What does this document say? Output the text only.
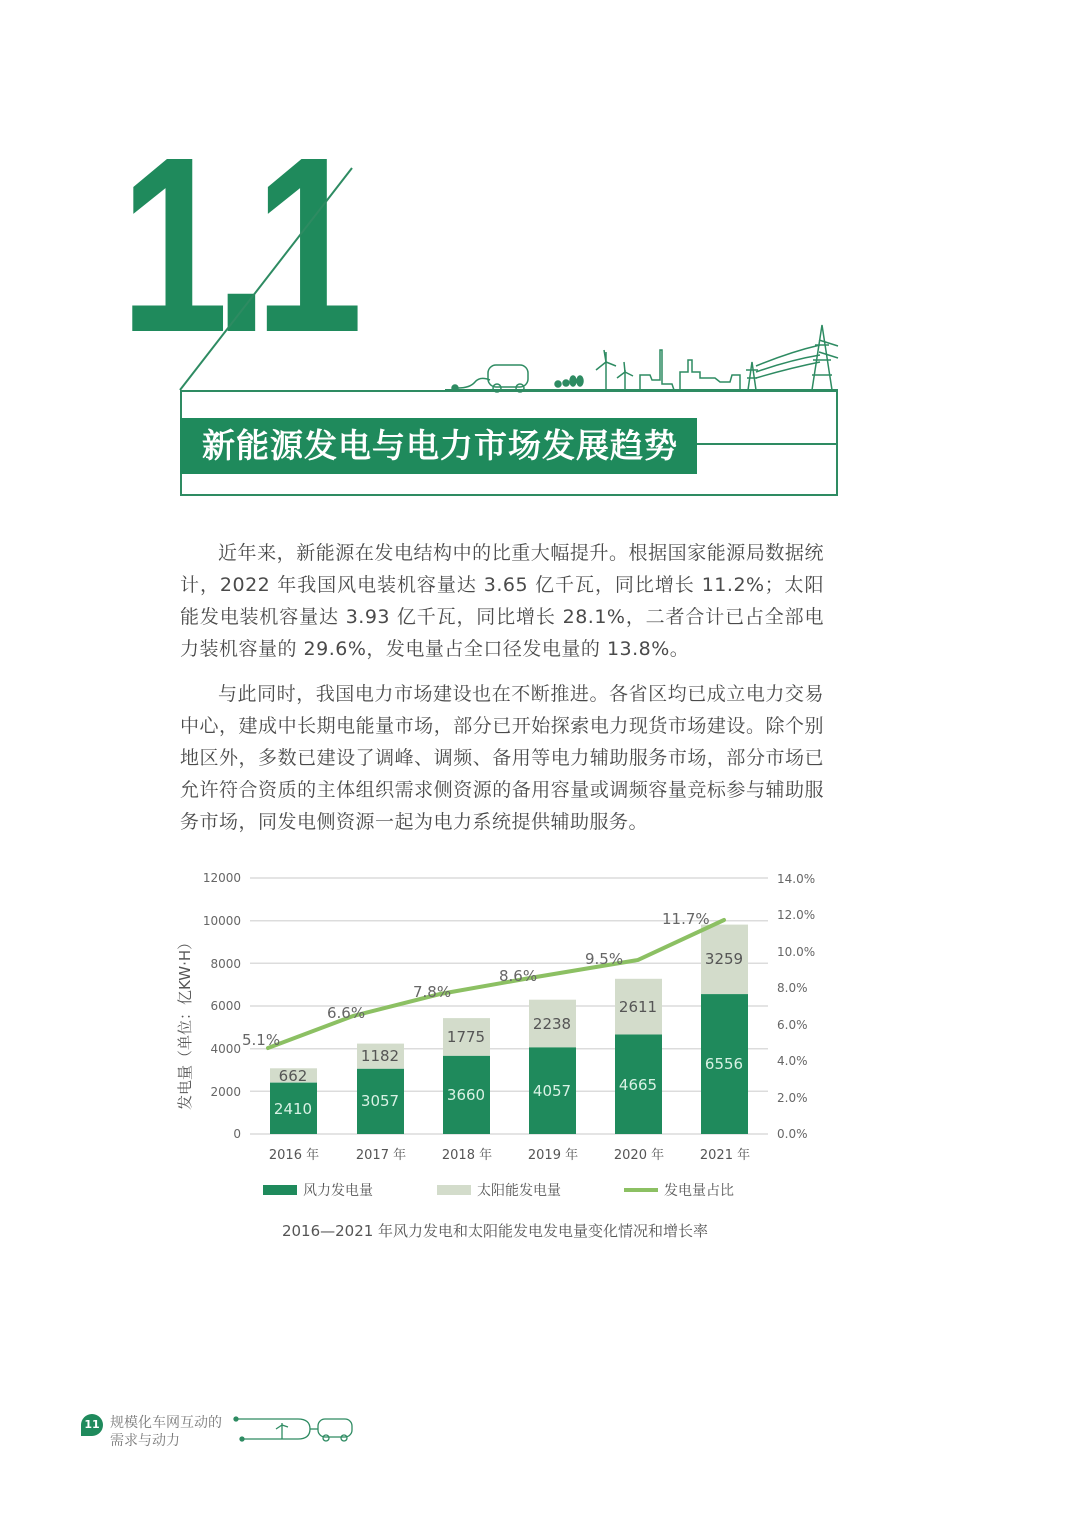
1.1
新能源发电与电力市场发展趋势
近年来，新能源在发电结构中的比重大幅提升。根据国家能源局数据统计，2022 年我国风电装机容量达 3.65 亿千瓦，同比增长 11.2%；太阳能发电装机容量达 3.93 亿千瓦，同比增长 28.1%，二者合计已占全部电力装机容量的 29.6%，发电量占全口径发电量的 13.8%。
与此同时，我国电力市场建设也在不断推进。各省区均已成立电力交易中心，建成中长期电能量市场，部分已开始探索电力现货市场建设。除个别地区外，多数已建设了调峰、调频、备用等电力辅助服务市场，部分市场已允许符合资质的主体组织需求侧资源的备用容量或调频容量竞标参与辅助服务市场，同发电侧资源一起为电力系统提供辅助服务。
12000
10000
8000
6000
4000
2000
0
14.0%
12.0%
10.0%
8.0%
6.0%
4.0%
2.0%
0.0%
发电量（单位：亿KW·H）	662
2410
1182
3057
1775
3660
2238
4057
2611
4665
3259
6556
5.1%
6.6%
7.8%
8.6%
9.5%
11.7%
2016 年	2017 年	2018 年	2019 年	2020 年	2021 年
风力发电量	太阳能发电量	发电量占比
2016—2021 年风力发电和太阳能发电发电量变化情况和增长率
11 规模化车网互动的
需求与动力
